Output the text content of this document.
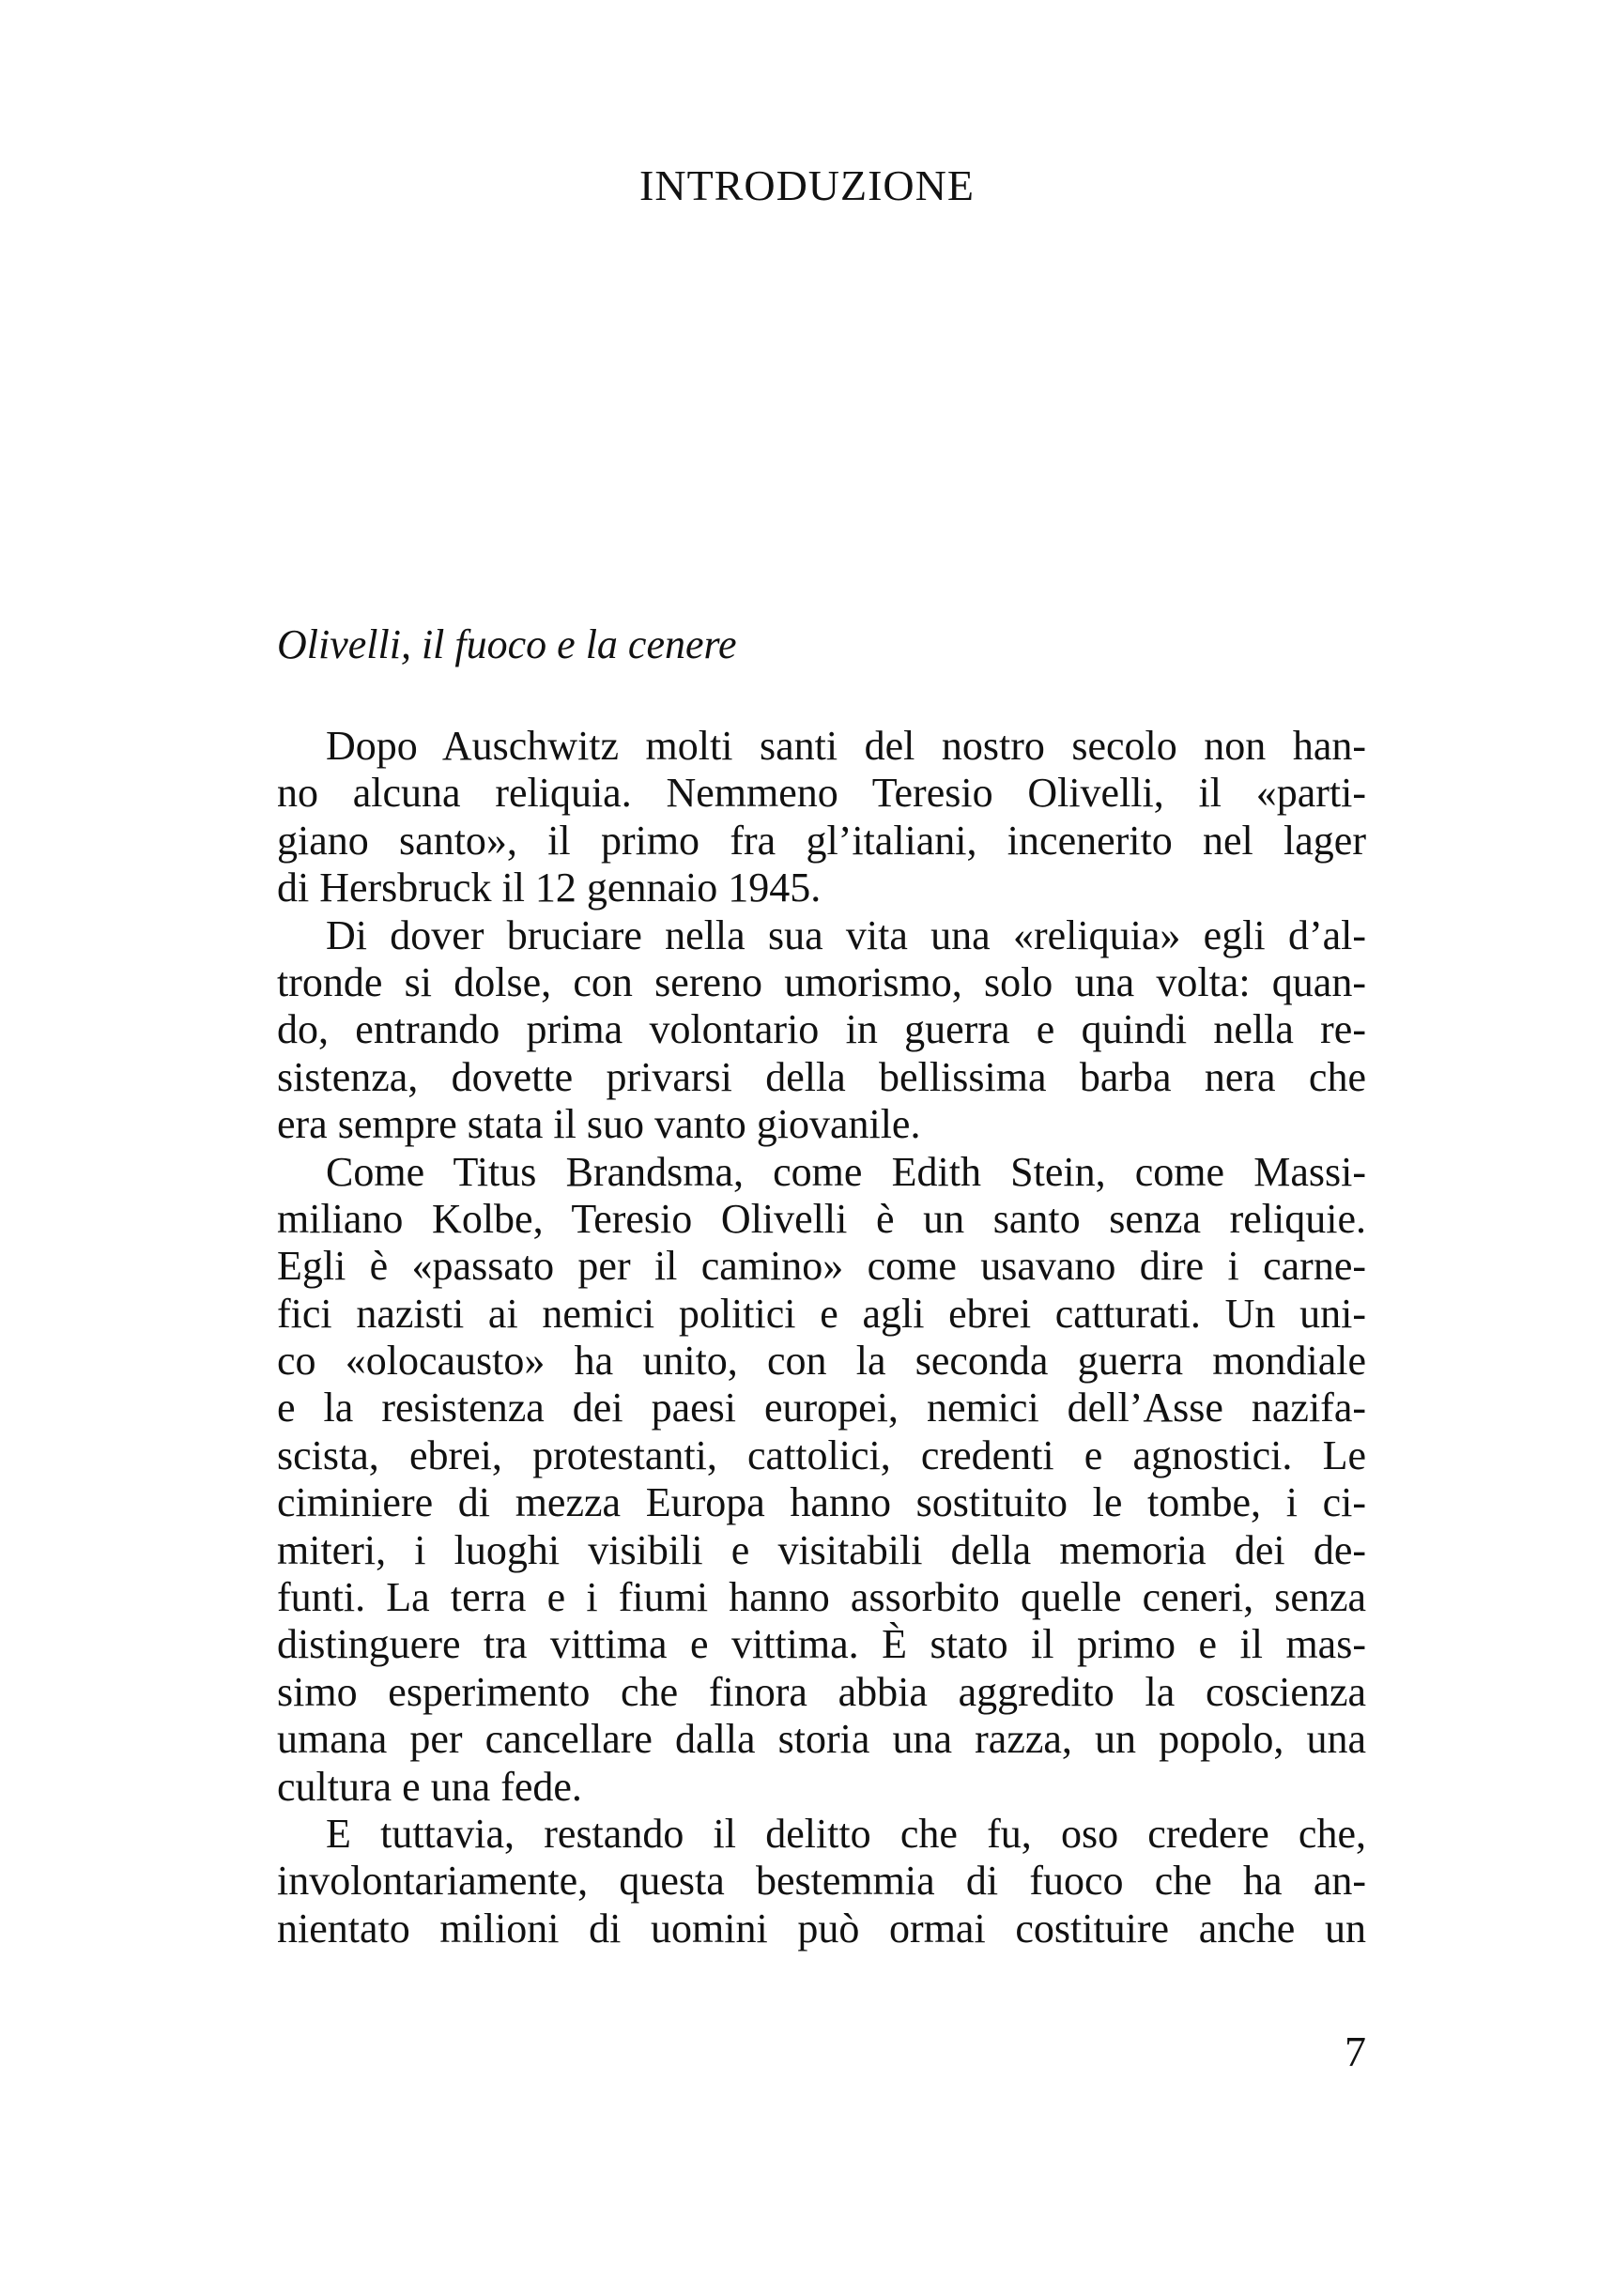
INTRODUZIONE
Olivelli, il fuoco e la cenere
Dopo Auschwitz molti santi del nostro secolo non han-
no alcuna reliquia. Nemmeno Teresio Olivelli, il «parti-
giano santo», il primo fra gl’italiani, incenerito nel lager
di Hersbruck il 12 gennaio 1945.
Di dover bruciare nella sua vita una «reliquia» egli d’al-
tronde si dolse, con sereno umorismo, solo una volta: quan-
do, entrando prima volontario in guerra e quindi nella re-
sistenza, dovette privarsi della bellissima barba nera che
era sempre stata il suo vanto giovanile.
Come Titus Brandsma, come Edith Stein, come Massi-
miliano Kolbe, Teresio Olivelli è un santo senza reliquie.
Egli è «passato per il camino» come usavano dire i carne-
fici nazisti ai nemici politici e agli ebrei catturati. Un uni-
co «olocausto» ha unito, con la seconda guerra mondiale
e la resistenza dei paesi europei, nemici dell’Asse nazifa-
scista, ebrei, protestanti, cattolici, credenti e agnostici. Le
ciminiere di mezza Europa hanno sostituito le tombe, i ci-
miteri, i luoghi visibili e visitabili della memoria dei de-
funti. La terra e i fiumi hanno assorbito quelle ceneri, senza
distinguere tra vittima e vittima. È stato il primo e il mas-
simo esperimento che finora abbia aggredito la coscienza
umana per cancellare dalla storia una razza, un popolo, una
cultura e una fede.
E tuttavia, restando il delitto che fu, oso credere che,
involontariamente, questa bestemmia di fuoco che ha an-
nientato milioni di uomini può ormai costituire anche un
7
